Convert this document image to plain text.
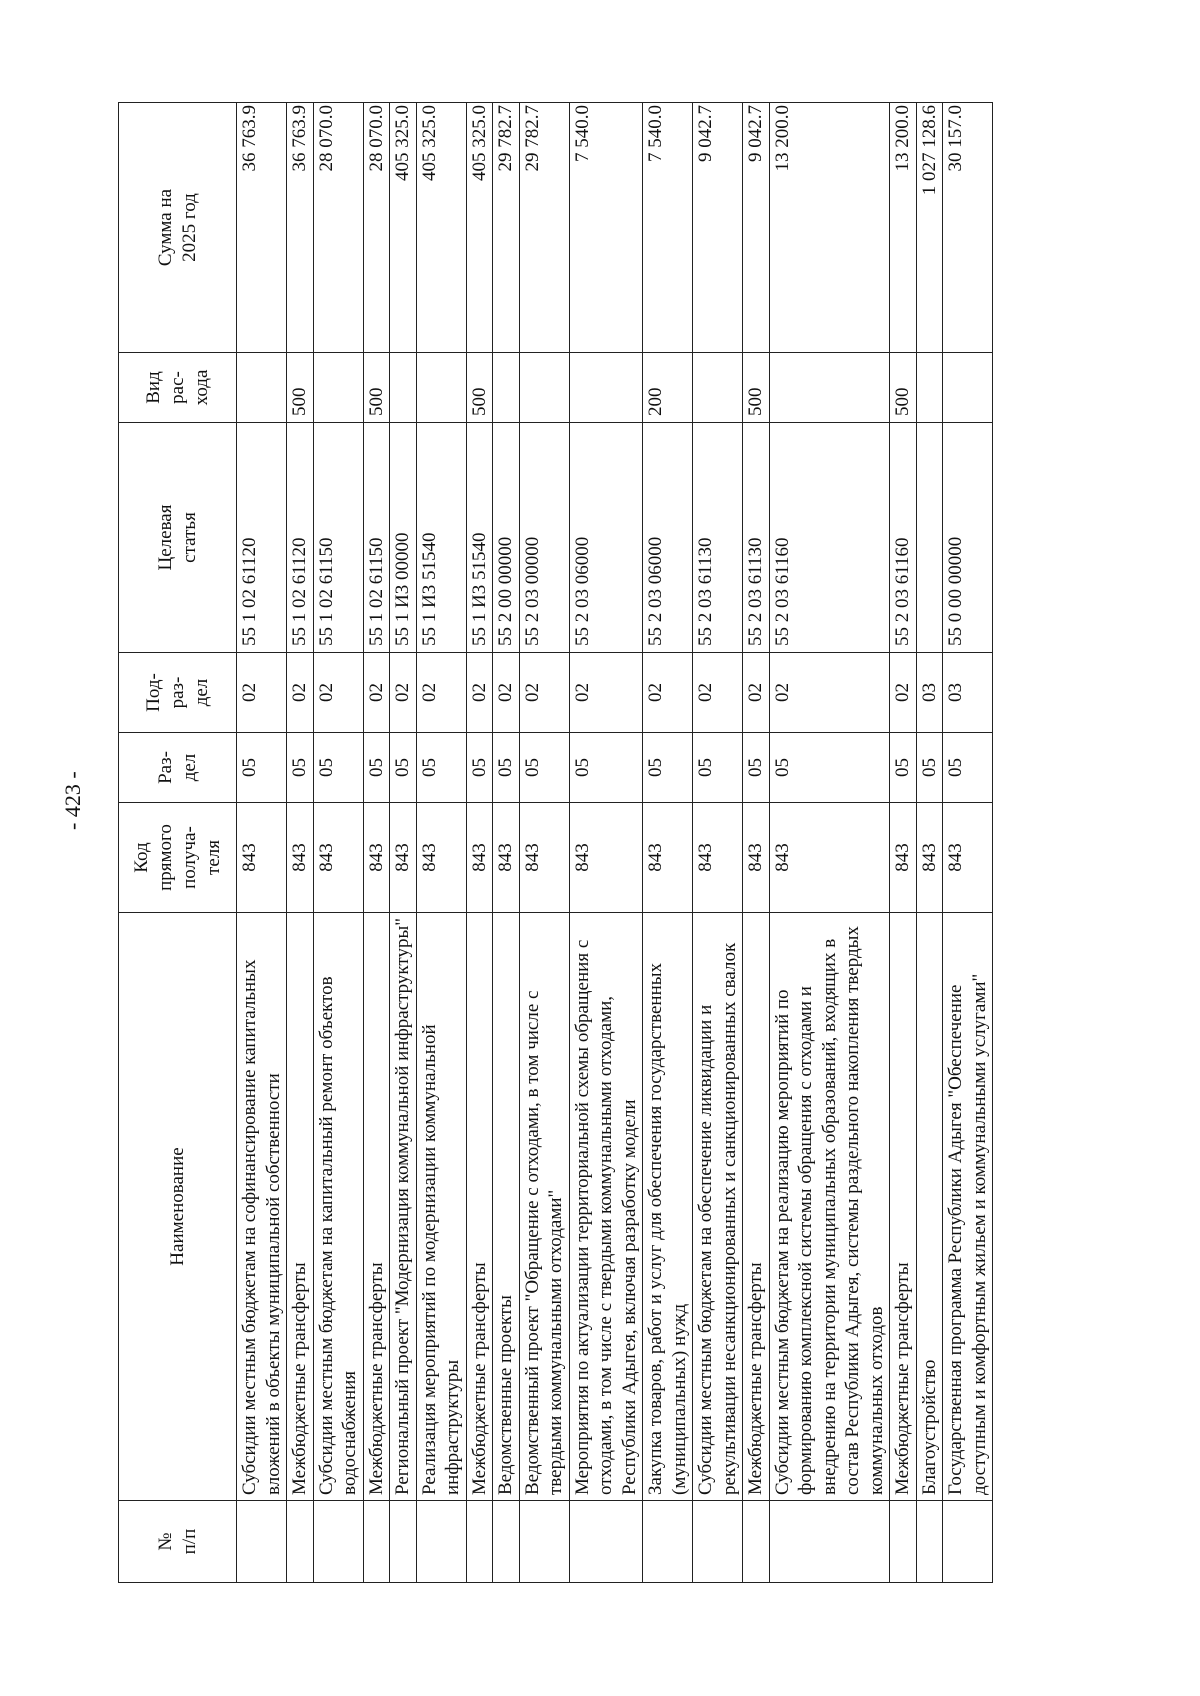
- 423 -
№
п/п	Наименование	Код
прямого
получа-
теля	Раз-
дел	Под-
раз-
дел	Целевая
статья	Вид
рас-
хода	Сумма на
2025 год
	Субсидии местным бюджетам на софинансирование капитальных вложений в объекты муниципальной собственности	843	05	02	55 1 02 61120		36 763.9
	Межбюджетные трансферты	843	05	02	55 1 02 61120	500	36 763.9
	Субсидии местным бюджетам на капитальный ремонт объектов водоснабжения	843	05	02	55 1 02 61150		28 070.0
	Межбюджетные трансферты	843	05	02	55 1 02 61150	500	28 070.0
	Региональный проект "Модернизация коммунальной инфраструктуры"	843	05	02	55 1 И3 00000		405 325.0
	Реализация мероприятий по модернизации коммунальной инфраструктуры	843	05	02	55 1 И3 51540		405 325.0
	Межбюджетные трансферты	843	05	02	55 1 И3 51540	500	405 325.0
	Ведомственные проекты	843	05	02	55 2 00 00000		29 782.7
	Ведомственный проект "Обращение с отходами, в том числе с твердыми коммунальными отходами"	843	05	02	55 2 03 00000		29 782.7
	Мероприятия по актуализации территориальной схемы обращения с отходами, в том числе с твердыми коммунальными отходами, Республики Адыгея, включая разработку модели	843	05	02	55 2 03 06000		7 540.0
	Закупка товаров, работ и услуг для обеспечения государственных (муниципальных) нужд	843	05	02	55 2 03 06000	200	7 540.0
	Субсидии местным бюджетам на обеспечение ликвидации и рекультивации несанкционированных и санкционированных свалок	843	05	02	55 2 03 61130		9 042.7
	Межбюджетные трансферты	843	05	02	55 2 03 61130	500	9 042.7
	Субсидии местным бюджетам на реализацию мероприятий по формированию комплексной системы обращения с отходами и внедрению на территории муниципальных образований, входящих в состав Республики Адыгея, системы раздельного накопления твердых коммунальных отходов	843	05	02	55 2 03 61160		13 200.0
	Межбюджетные трансферты	843	05	02	55 2 03 61160	500	13 200.0
	Благоустройство	843	05	03			1 027 128.6
	Государственная программа Республики Адыгея "Обеспечение доступным и комфортным жильем и коммунальными услугами"	843	05	03	55 0 00 00000		30 157.0
